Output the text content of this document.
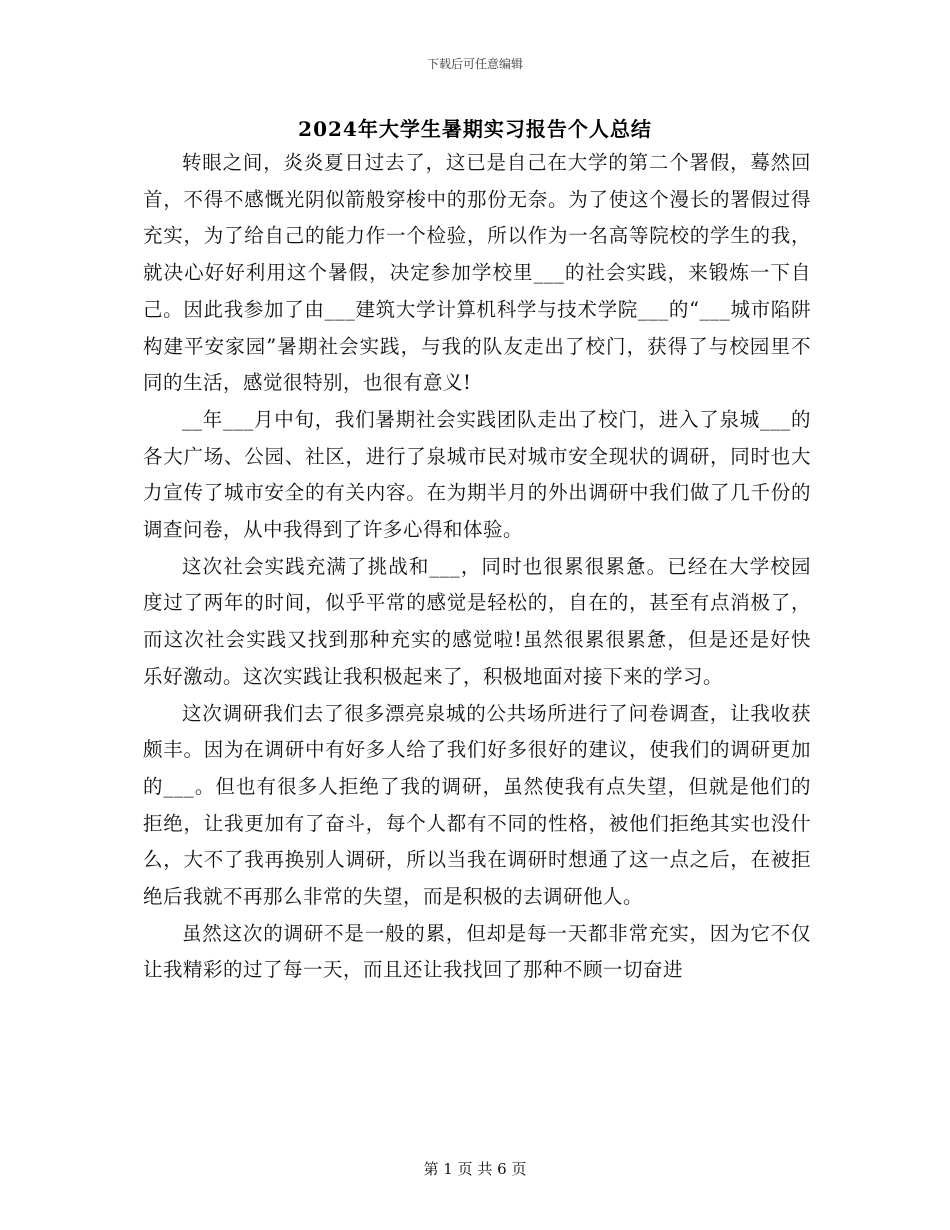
下载后可任意编辑
2024年大学生暑期实习报告个人总结

转眼之间，炎炎夏日过去了，这已是自己在大学的第二个署假，蓦然回首，不得不感慨光阴似箭般穿梭中的那份无奈。为了使这个漫长的署假过得充实，为了给自己的能力作一个检验，所以作为一名高等院校的学生的我，就决心好好利用这个暑假，决定参加学校里___的社会实践，来锻炼一下自己。因此我参加了由___建筑大学计算机科学与技术学院___的“___城市陷阱构建平安家园”暑期社会实践，与我的队友走出了校门，获得了与校园里不同的生活，感觉很特别，也很有意义!

__年___月中旬，我们暑期社会实践团队走出了校门，进入了泉城___的各大广场、公园、社区，进行了泉城市民对城市安全现状的调研，同时也大力宣传了城市安全的有关内容。在为期半月的外出调研中我们做了几千份的调查问卷，从中我得到了许多心得和体验。

这次社会实践充满了挑战和___，同时也很累很累惫。已经在大学校园度过了两年的时间，似乎平常的感觉是轻松的，自在的，甚至有点消极了，而这次社会实践又找到那种充实的感觉啦!虽然很累很累惫，但是还是好快乐好激动。这次实践让我积极起来了，积极地面对接下来的学习。

这次调研我们去了很多漂亮泉城的公共场所进行了问卷调查，让我收获颇丰。因为在调研中有好多人给了我们好多很好的建议，使我们的调研更加的___。但也有很多人拒绝了我的调研，虽然使我有点失望，但就是他们的拒绝，让我更加有了奋斗，每个人都有不同的性格，被他们拒绝其实也没什么，大不了我再换别人调研，所以当我在调研时想通了这一点之后，在被拒绝后我就不再那么非常的失望，而是积极的去调研他人。

虽然这次的调研不是一般的累，但却是每一天都非常充实，因为它不仅让我精彩的过了每一天，而且还让我找回了那种不顾一切奋进

第 1 页 共 6 页
